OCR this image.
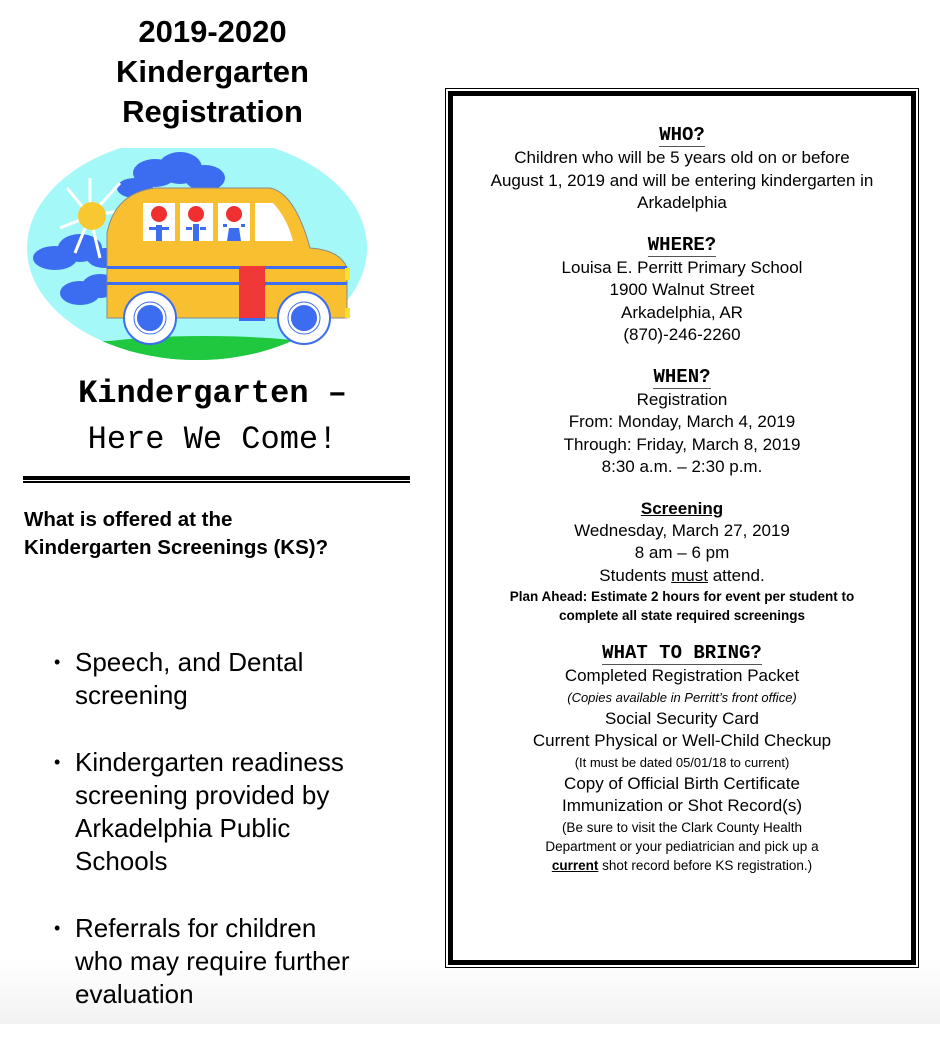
2019-2020
Kindergarten
Registration
Kindergarten –
Here We Come!
What is offered at the
Kindergarten Screenings (KS)?
• Speech, and Dental
screening
• Kindergarten readiness
screening provided by
Arkadelphia Public
Schools
• Referrals for children
who may require further
evaluation
WHO?
Children who will be 5 years old on or before
August 1, 2019 and will be entering kindergarten in
Arkadelphia
WHERE?
Louisa E. Perritt Primary School
1900 Walnut Street
Arkadelphia, AR
(870)-246-2260
WHEN?
Registration
From: Monday, March 4, 2019
Through: Friday, March 8, 2019
8:30 a.m. – 2:30 p.m.
Screening
Wednesday, March 27, 2019
8 am – 6 pm
Students must attend.
Plan Ahead: Estimate 2 hours for event per student to
complete all state required screenings
WHAT TO BRING?
Completed Registration Packet
(Copies available in Perritt’s front office)
Social Security Card
Current Physical or Well-Child Checkup
(It must be dated 05/01/18 to current)
Copy of Official Birth Certificate
Immunization or Shot Record(s)
(Be sure to visit the Clark County Health
Department or your pediatrician and pick up a
current shot record before KS registration.)
